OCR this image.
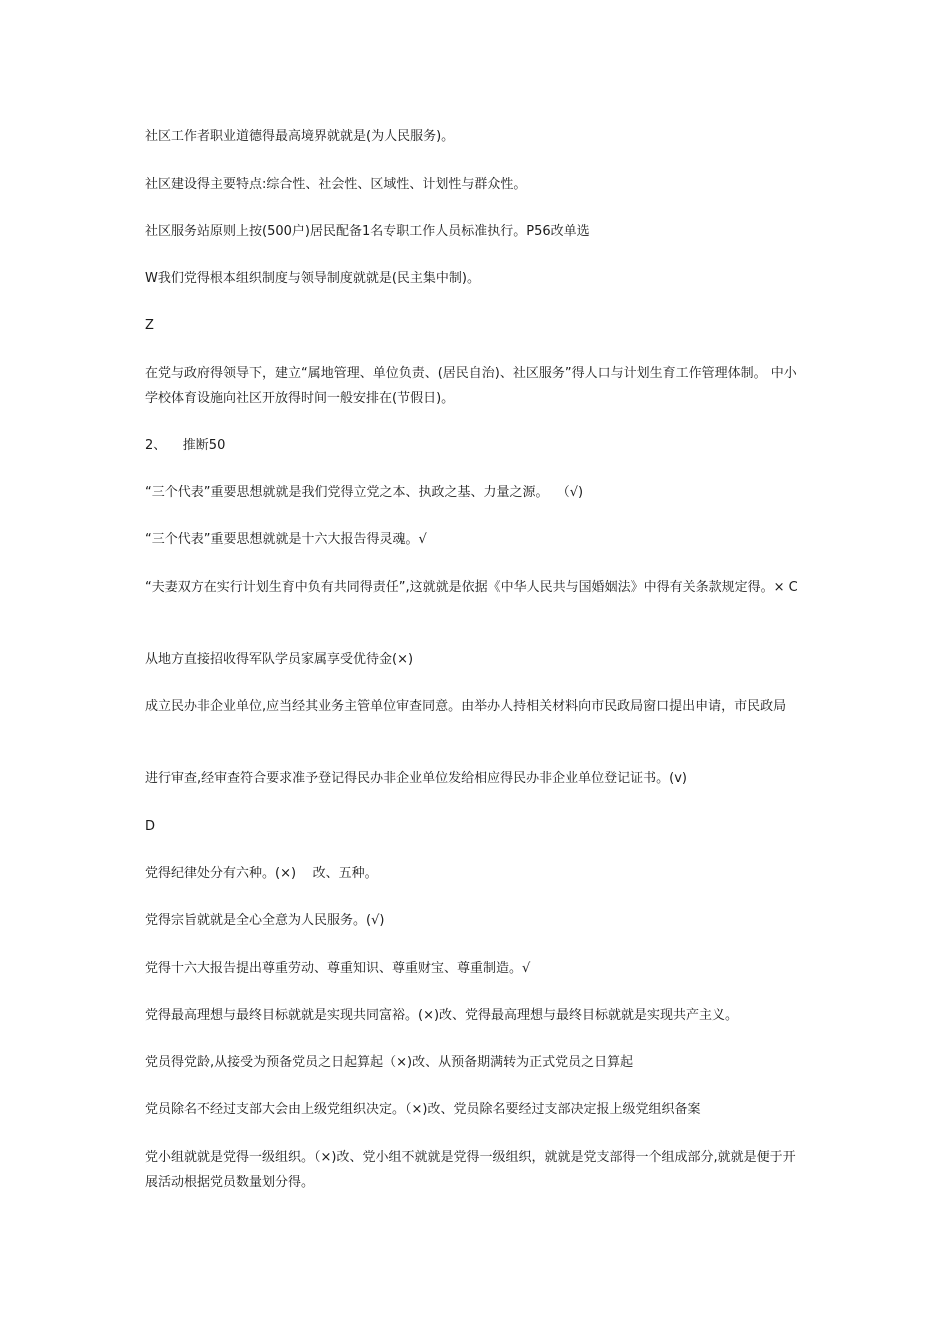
社区工作者职业道德得最高境界就就是(为人民服务)。

社区建设得主要特点:综合性、社会性、区域性、计划性与群众性。

社区服务站原则上按(500户)居民配备1名专职工作人员标准执行。P56改单选

W我们党得根本组织制度与领导制度就就是(民主集中制)。

Z

在党与政府得领导下，建立“属地管理、单位负责、(居民自治)、社区服务”得人口与计划生育工作管理体制。 中小学校体育设施向社区开放得时间一般安排在(节假日)。

2、    推断50

“三个代表”重要思想就就是我们党得立党之本、执政之基、力量之源。  （√)

“三个代表”重要思想就就是十六大报告得灵魂。√

“夫妻双方在实行计划生育中负有共同得责任”,这就就是依据《中华人民共与国婚姻法》中得有关条款规定得。× C

从地方直接招收得军队学员家属享受优待金(×)

成立民办非企业单位,应当经其业务主管单位审查同意。由举办人持相关材料向市民政局窗口提出申请，市民政局

进行审查,经审查符合要求准予登记得民办非企业单位发给相应得民办非企业单位登记证书。(v)

D

党得纪律处分有六种。(×)    改、五种。

党得宗旨就就是全心全意为人民服务。(√)

党得十六大报告提出尊重劳动、尊重知识、尊重财宝、尊重制造。√

党得最高理想与最终目标就就是实现共同富裕。(×)改、党得最高理想与最终目标就就是实现共产主义。

党员得党龄,从接受为预备党员之日起算起（×)改、从预备期满转为正式党员之日算起

党员除名不经过支部大会由上级党组织决定。（×)改、党员除名要经过支部决定报上级党组织备案

党小组就就是党得一级组织。（×)改、党小组不就就是党得一级组织，就就是党支部得一个组成部分,就就是便于开展活动根据党员数量划分得。
